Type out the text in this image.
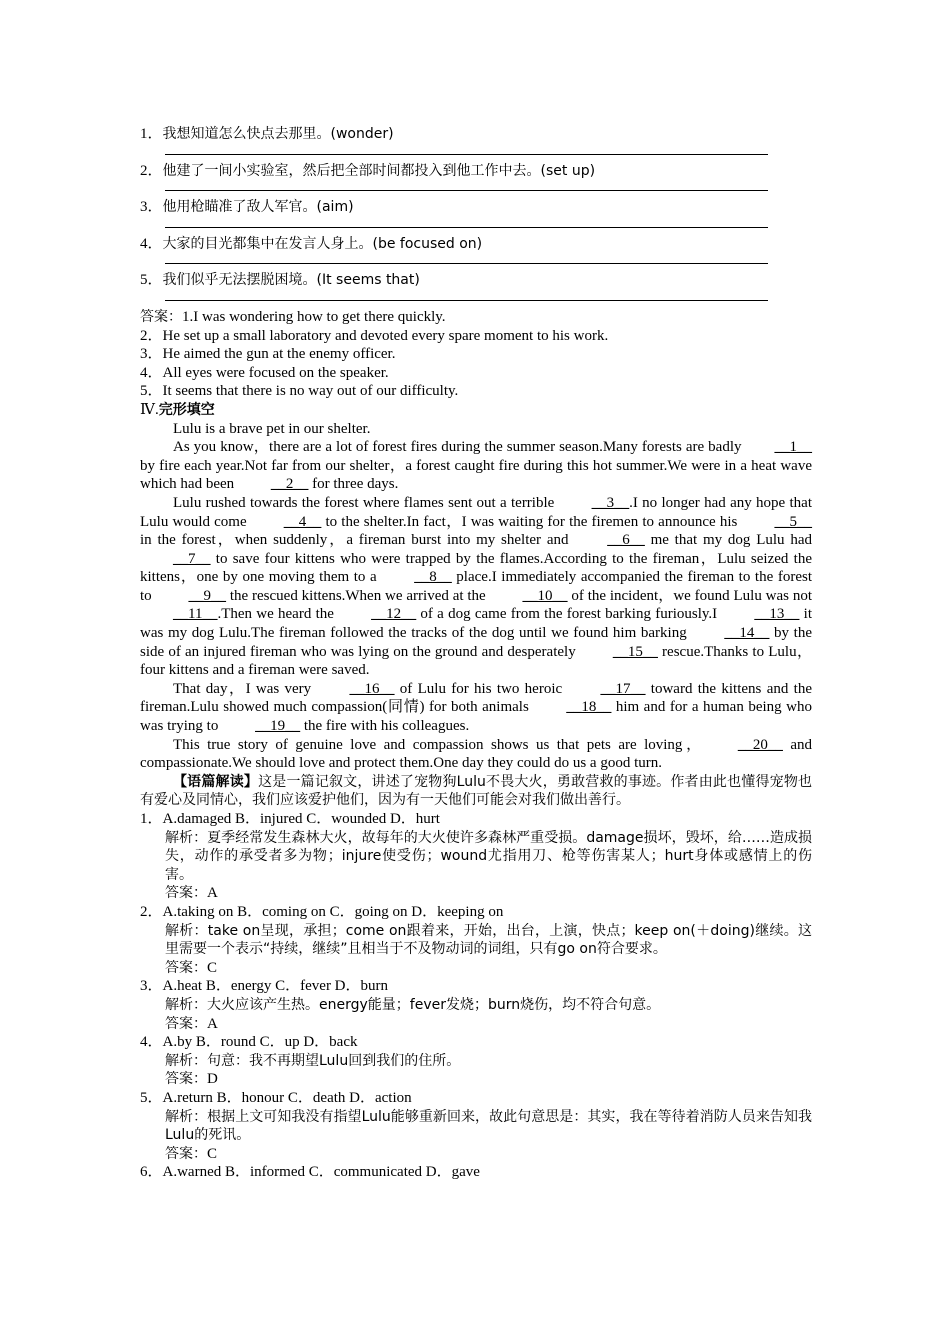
1．我想知道怎么快点去那里。(wonder)
2．他建了一间小实验室，然后把全部时间都投入到他工作中去。(set up)
3．他用枪瞄准了敌人军官。(aim)
4．大家的目光都集中在发言人身上。(be focused on)
5．我们似乎无法摆脱困境。(It seems that)
答案：1.I was wondering how to get there quickly.
2．He set up a small laboratory and devoted every spare moment to his work.
3．He aimed the gun at the enemy officer.
4．All eyes were focused on the speaker.
5．It seems that there is no way out of our difficulty.
Ⅳ.完形填空
Lulu is a brave pet in our shelter.
As you know，there are a lot of forest fires during the summer season.Many forests are badly __1__ by fire each year.Not far from our shelter，a forest caught fire during this hot summer.We were in a heat wave which had been __2__ for three days.
Lulu rushed towards the forest where flames sent out a terrible __3__.I no longer had any hope that Lulu would come __4__ to the shelter.In fact，I was waiting for the firemen to announce his __5__ in the forest，when suddenly，a fireman burst into my shelter and __6__ me that my dog Lulu had __7__ to save four kittens who were trapped by the flames.According to the fireman，Lulu seized the kittens，one by one moving them to a __8__ place.I immediately accompanied the fireman to the forest to __9__ the rescued kittens.When we arrived at the __10__ of the incident，we found Lulu was not __11__.Then we heard the __12__ of a dog came from the forest barking furiously.I __13__ it was my dog Lulu.The fireman followed the tracks of the dog until we found him barking __14__ by the side of an injured fireman who was lying on the ground and desperately __15__ rescue.Thanks to Lulu，four kittens and a fireman were saved.
That day，I was very __16__ of Lulu for his two heroic __17__ toward the kittens and the fireman.Lulu showed much compassion(同情) for both animals __18__ him and for a human being who was trying to __19__ the fire with his colleagues.
This true story of genuine love and compassion shows us that pets are loving， __20__ and compassionate.We should love and protect them.One day they could do us a good turn.
【语篇解读】这是一篇记叙文，讲述了宠物狗Lulu不畏大火，勇敢营救的事迹。作者由此也懂得宠物也有爱心及同情心，我们应该爱护他们，因为有一天他们可能会对我们做出善行。
1．A.damaged B．injured C．wounded D．hurt
解析：夏季经常发生森林大火，故每年的大火使许多森林严重受损。damage损坏，毁坏，给……造成损失，动作的承受者多为物；injure使受伤；wound尤指用刀、枪等伤害某人；hurt身体或感情上的伤害。
答案：A
2．A.taking on B．coming on C．going on D．keeping on
解析：take on呈现，承担；come on跟着来，开始，出台，上演，快点；keep on(＋doing)继续。这里需要一个表示“持续，继续”且相当于不及物动词的词组，只有go on符合要求。
答案：C
3．A.heat B．energy C．fever D．burn
解析：大火应该产生热。energy能量；fever发烧；burn烧伤，均不符合句意。
答案：A
4．A.by B．round C．up D．back
解析：句意：我不再期望Lulu回到我们的住所。
答案：D
5．A.return B．honour C．death D．action
解析：根据上文可知我没有指望Lulu能够重新回来，故此句意思是：其实，我在等待着消防人员来告知我Lulu的死讯。
答案：C
6．A.warned B．informed C．communicated D．gave
